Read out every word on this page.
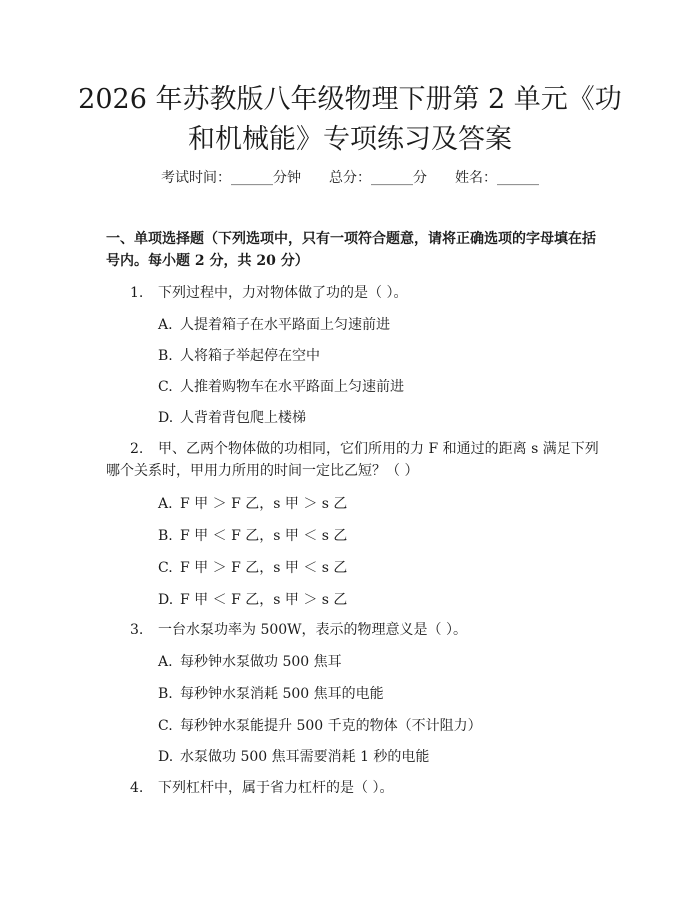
2026 年苏教版八年级物理下册第 2 单元《功
和机械能》专项练习及答案
考试时间：______分钟 总分：______分 姓名：______
一、单项选择题（下列选项中，只有一项符合题意，请将正确选项的字母填在括号内。每小题 2 分，共 20 分）
1. 下列过程中，力对物体做了功的是（ ）。
A. 人提着箱子在水平路面上匀速前进
B. 人将箱子举起停在空中
C. 人推着购物车在水平路面上匀速前进
D. 人背着背包爬上楼梯
2. 甲、乙两个物体做的功相同，它们所用的力 F 和通过的距离 s 满足下列哪个关系时，甲用力所用的时间一定比乙短？（ ）
A. F 甲 ＞ F 乙，s 甲 ＞ s 乙
B. F 甲 ＜ F 乙，s 甲 ＜ s 乙
C. F 甲 ＞ F 乙，s 甲 ＜ s 乙
D. F 甲 ＜ F 乙，s 甲 ＞ s 乙
3. 一台水泵功率为 500W，表示的物理意义是（ ）。
A. 每秒钟水泵做功 500 焦耳
B. 每秒钟水泵消耗 500 焦耳的电能
C. 每秒钟水泵能提升 500 千克的物体（不计阻力）
D. 水泵做功 500 焦耳需要消耗 1 秒的电能
4. 下列杠杆中，属于省力杠杆的是（ ）。
